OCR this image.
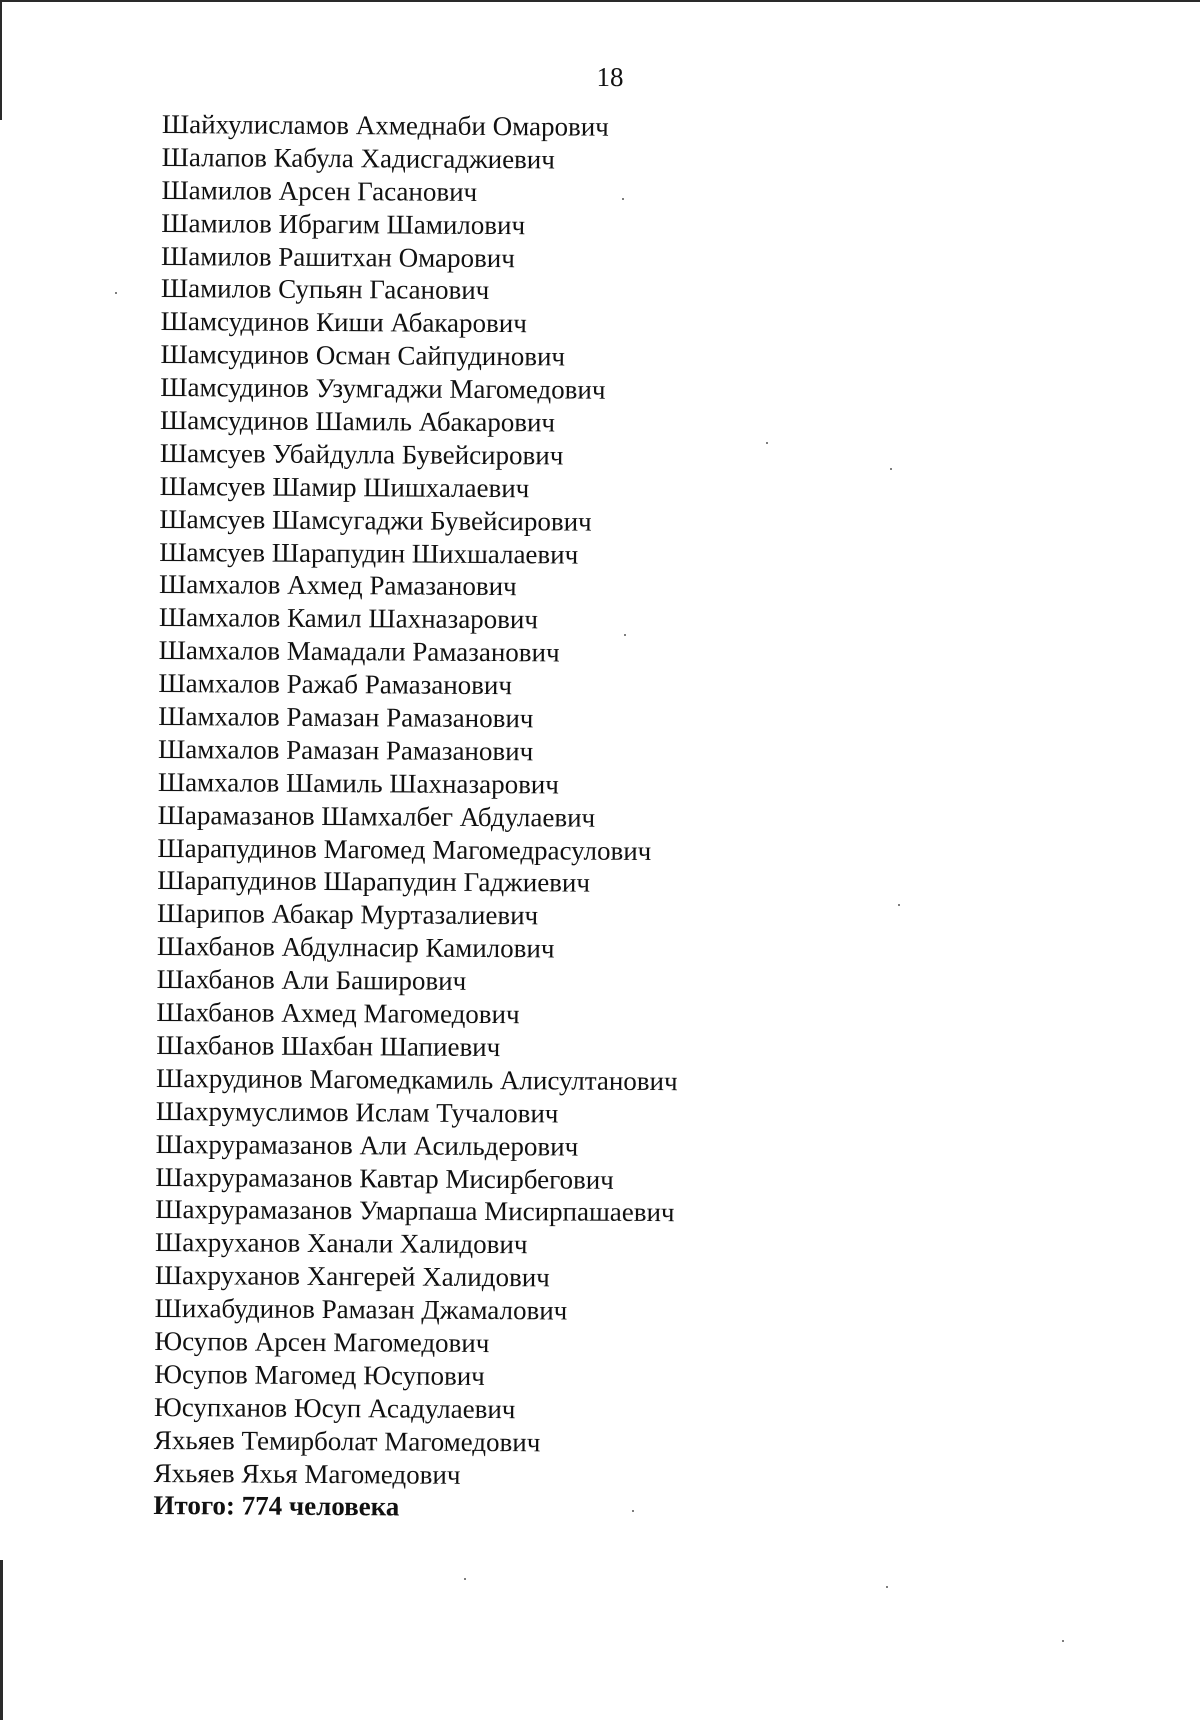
18
Шайхулисламов Ахмеднаби Омарович
Шалапов Кабула Хадисгаджиевич
Шамилов Арсен Гасанович
Шамилов Ибрагим Шамилович
Шамилов Рашитхан Омарович
Шамилов Супьян Гасанович
Шамсудинов Киши Абакарович
Шамсудинов Осман Сайпудинович
Шамсудинов Узумгаджи Магомедович
Шамсудинов Шамиль Абакарович
Шамсуев Убайдулла Бувейсирович
Шамсуев Шамир Шишхалаевич
Шамсуев Шамсугаджи Бувейсирович
Шамсуев Шарапудин Шихшалаевич
Шамхалов Ахмед Рамазанович
Шамхалов Камил Шахназарович
Шамхалов Мамадали Рамазанович
Шамхалов Ражаб Рамазанович
Шамхалов Рамазан Рамазанович
Шамхалов Рамазан Рамазанович
Шамхалов Шамиль Шахназарович
Шарамазанов Шамхалбег Абдулаевич
Шарапудинов Магомед Магомедрасулович
Шарапудинов Шарапудин Гаджиевич
Шарипов Абакар Муртазалиевич
Шахбанов Абдулнасир Камилович
Шахбанов Али Баширович
Шахбанов Ахмед Магомедович
Шахбанов Шахбан Шапиевич
Шахрудинов Магомедкамиль Алисултанович
Шахрумуслимов Ислам Тучалович
Шахрурамазанов Али Асильдерович
Шахрурамазанов Кавтар Мисирбегович
Шахрурамазанов Умарпаша Мисирпашаевич
Шахруханов Ханали Халидович
Шахруханов Хангерей Халидович
Шихабудинов Рамазан Джамалович
Юсупов Арсен Магомедович
Юсупов Магомед Юсупович
Юсупханов Юсуп Асадулаевич
Яхьяев Темирболат Магомедович
Яхьяев Яхья Магомедович
Итого: 774 человека
